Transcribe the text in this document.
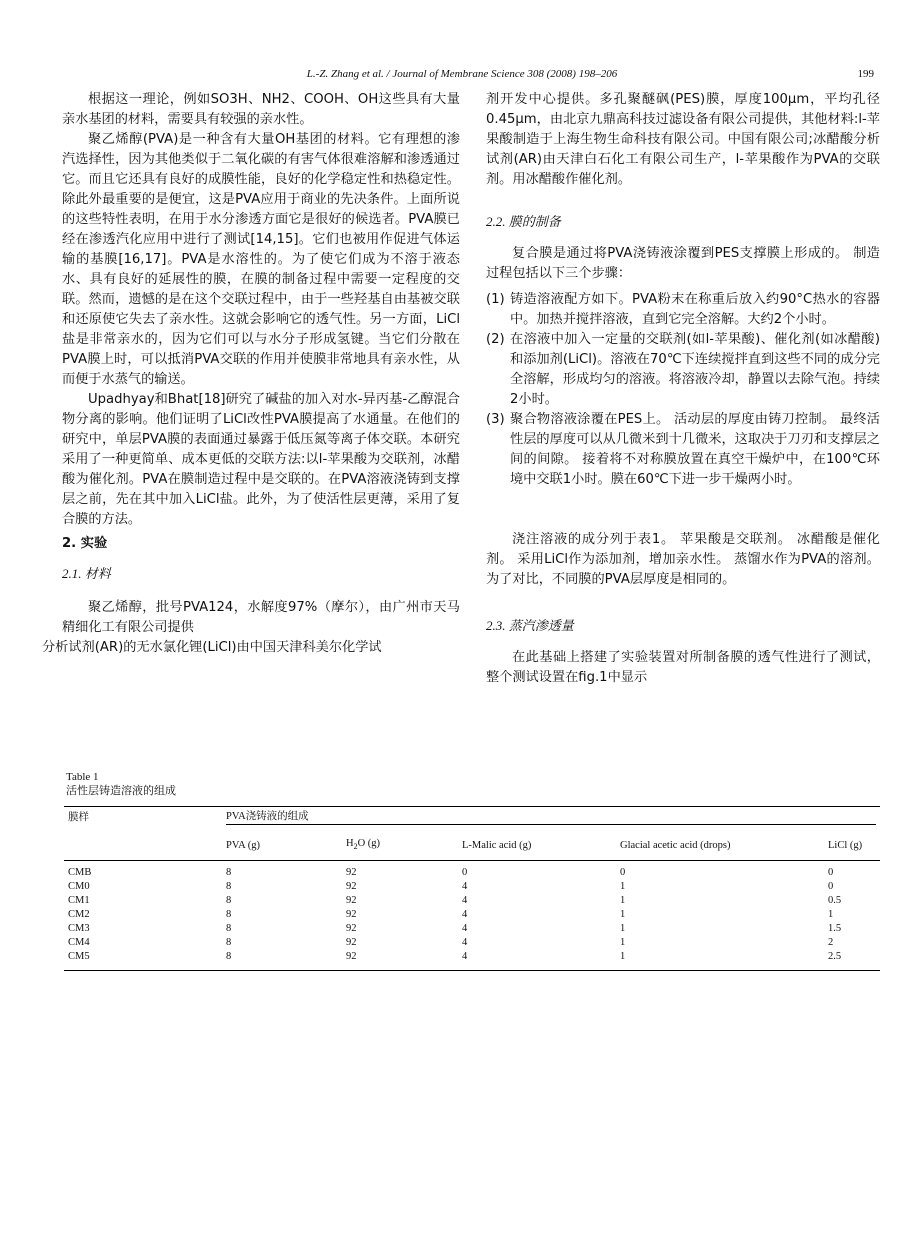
L.-Z. Zhang et al. / Journal of Membrane Science 308 (2008) 198–206	199

根据这一理论，例如SO3H、NH2、COOH、OH这些具有大量亲水基团的材料，需要具有较强的亲水性。

聚乙烯醇(PVA)是一种含有大量OH基团的材料。它有理想的渗汽选择性，因为其他类似于二氧化碳的有害气体很难溶解和渗透通过它。而且它还具有良好的成膜性能，良好的化学稳定性和热稳定性。除此外最重要的是便宜，这是PVA应用于商业的先决条件。上面所说的这些特性表明，在用于水分渗透方面它是很好的候选者。PVA膜已经在渗透汽化应用中进行了测试[14,15]。它们也被用作促进气体运输的基膜[16,17]。PVA是水溶性的。为了使它们成为不溶于液态水、具有良好的延展性的膜，在膜的制备过程中需要一定程度的交联。然而，遗憾的是在这个交联过程中，由于一些羟基自由基被交联和还原使它失去了亲水性。这就会影响它的透气性。另一方面，LiCl盐是非常亲水的，因为它们可以与水分子形成氢键。当它们分散在PVA膜上时，可以抵消PVA交联的作用并使膜非常地具有亲水性，从而便于水蒸气的输送。

Upadhyay和Bhat[18]研究了碱盐的加入对水-异丙基-乙醇混合物分离的影响。他们证明了LiCl改性PVA膜提高了水通量。在他们的研究中，单层PVA膜的表面通过暴露于低压氮等离子体交联。本研究采用了一种更简单、成本更低的交联方法:以l-苹果酸为交联剂，冰醋酸为催化剂。PVA在膜制造过程中是交联的。在PVA溶液浇铸到支撑层之前，先在其中加入LiCl盐。此外，为了使活性层更薄，采用了复合膜的方法。

2. 实验
2.1. 材料

聚乙烯醇，批号PVA124，水解度97%（摩尔），由广州市天马精细化工有限公司提供

分析试剂(AR)的无水氯化锂(LiCl)由中国天津科美尔化学试

剂开发中心提供。多孔聚醚砜(PES)膜，厚度100μm，平均孔径0.45μm，由北京九鼎高科技过滤设备有限公司提供，其他材料:l-苹果酸制造于上海生物生命科技有限公司。中国有限公司;冰醋酸分析试剂(AR)由天津白石化工有限公司生产，l-苹果酸作为PVA的交联剂。用冰醋酸作催化剂。

2.2. 膜的制备

复合膜是通过将PVA浇铸液涂覆到PES支撑膜上形成的。 制造过程包括以下三个步骤：

(1) 铸造溶液配方如下。PVA粉末在称重后放入约90°C热水的容器中。加热并搅拌溶液，直到它完全溶解。大约2个小时。
(2) 在溶液中加入一定量的交联剂(如l-苹果酸)、催化剂(如冰醋酸)和添加剂(LiCl)。溶液在70℃下连续搅拌直到这些不同的成分完全溶解，形成均匀的溶液。将溶液冷却，静置以去除气泡。持续2小时。
(3) 聚合物溶液涂覆在PES上。 活动层的厚度由铸刀控制。 最终活性层的厚度可以从几微米到十几微米，这取决于刀刃和支撑层之间的间隙。 接着将不对称膜放置在真空干燥炉中，在100℃环境中交联1小时。膜在60℃下进一步干燥两小时。

浇注溶液的成分列于表1。 苹果酸是交联剂。 冰醋酸是催化剂。 采用LiCl作为添加剂，增加亲水性。 蒸馏水作为PVA的溶剂。 为了对比，不同膜的PVA层厚度是相同的。

2.3. 蒸汽渗透量

在此基础上搭建了实验装置对所制备膜的透气性进行了测试，整个测试设置在fig.1中显示

Table 1
活性层铸造溶液的组成
膜样	PVA浇铸液的组成				

	PVA (g)	$H_2O$ (g)	L-Malic acid (g)	Glacial acetic acid (drops)	LiCl (g)
CMB	8	92	0	0	0
CM0	8	92	4	1	0
CM1	8	92	4	1	0.5
CM2	8	92	4	1	1
CM3	8	92	4	1	1.5
CM4	8	92	4	1	2
CM5	8	92	4	1	2.5
